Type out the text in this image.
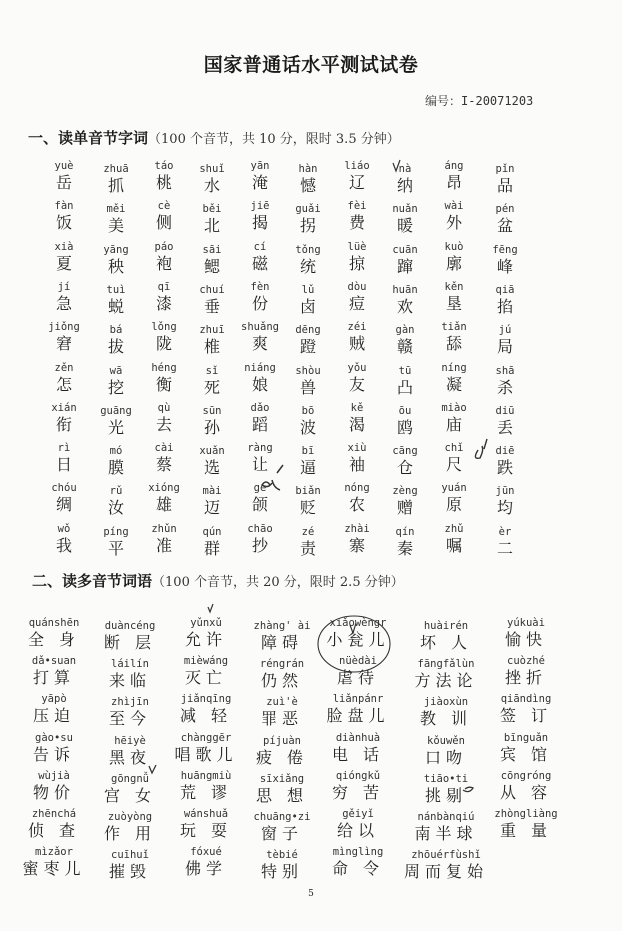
国家普通话水平测试试卷
编号：I-20071203
一、读单音节字词（100 个音节，共 10 分，限时 3.5 分钟）
yuè
岳
zhuā
抓
táo
桃
shuǐ
水
yān
淹
hàn
憾
liáo
辽
nà
纳
áng
昂
pǐn
品
fàn
饭
měi
美
cè
侧
běi
北
jiē
揭
guǎi
拐
fèi
费
nuǎn
暖
wài
外
pén
盆
xià
夏
yāng
秧
páo
袍
sāi
鳃
cí
磁
tǒng
统
lüè
掠
cuān
蹿
kuò
廓
fēng
峰
jí
急
tuì
蜕
qī
漆
chuí
垂
fèn
份
lǔ
卤
dòu
痘
huān
欢
kěn
垦
qiā
掐
jiǒng
窘
bá
拔
lǒng
陇
zhuī
椎
shuǎng
爽
dēng
蹬
zéi
贼
gàn
赣
tiǎn
舔
jú
局
zěn
怎
wā
挖
héng
衡
sǐ
死
niáng
娘
shòu
兽
yǒu
友
tū
凸
níng
凝
shā
杀
xián
衔
guāng
光
qù
去
sūn
孙
dǎo
蹈
bō
波
kě
渴
ōu
鸥
miào
庙
diū
丢
rì
日
mó
膜
cài
蔡
xuǎn
选
ràng
让
bī
逼
xiù
袖
cāng
仓
chǐ
尺
diē
跌
chóu
绸
rǔ
汝
xióng
雄
mài
迈
gé
颌
biǎn
贬
nóng
农
zèng
赠
yuán
原
jūn
均
wǒ
我
píng
平
zhǔn
准
qún
群
chāo
抄
zé
责
zhài
寨
qín
秦
zhǔ
嘱
èr
二
二、读多音节词语（100 个音节，共 20 分，限时 2.5 分钟）
quánshēn
全 身
duàncéng
断 层
yǔnxǔ
允许
zhàng' ài
障碍
xiǎowèngr
小瓮儿
huàirén
坏 人
yúkuài
愉快
dǎ•suan
打算
láilín
来临
mièwáng
灭亡
réngrán
仍然
nüèdài
虐待
fāngfǎlùn
方法论
cuòzhé
挫折
yāpò
压迫
zhìjīn
至今
jiǎnqīng
减 轻
zuì'è
罪恶
liǎnpánr
脸盘儿
jiàoxùn
教 训
qiāndìng
签 订
gào•su
告诉
hēiyè
黑夜
chànggēr
唱歌儿
píjuàn
疲 倦
diànhuà
电 话
kǒuwěn
口吻
bīnguǎn
宾 馆
wùjià
物价
gōngnǚ
宫 女
huāngmiù
荒 谬
sīxiǎng
思 想
qióngkǔ
穷 苦
tiāo•ti
挑剔
cōngróng
从 容
zhēnchá
侦 查
zuòyòng
作 用
wánshuǎ
玩 耍
chuāng•zi
窗子
gěiyǐ
给以
nánbànqiú
南半球
zhòngliàng
重 量
mìzǎor
蜜枣儿
cuīhuǐ
摧毁
fóxué
佛学
tèbié
特别
mìnglìng
命 令
zhōuérfùshǐ
周而复始
5
